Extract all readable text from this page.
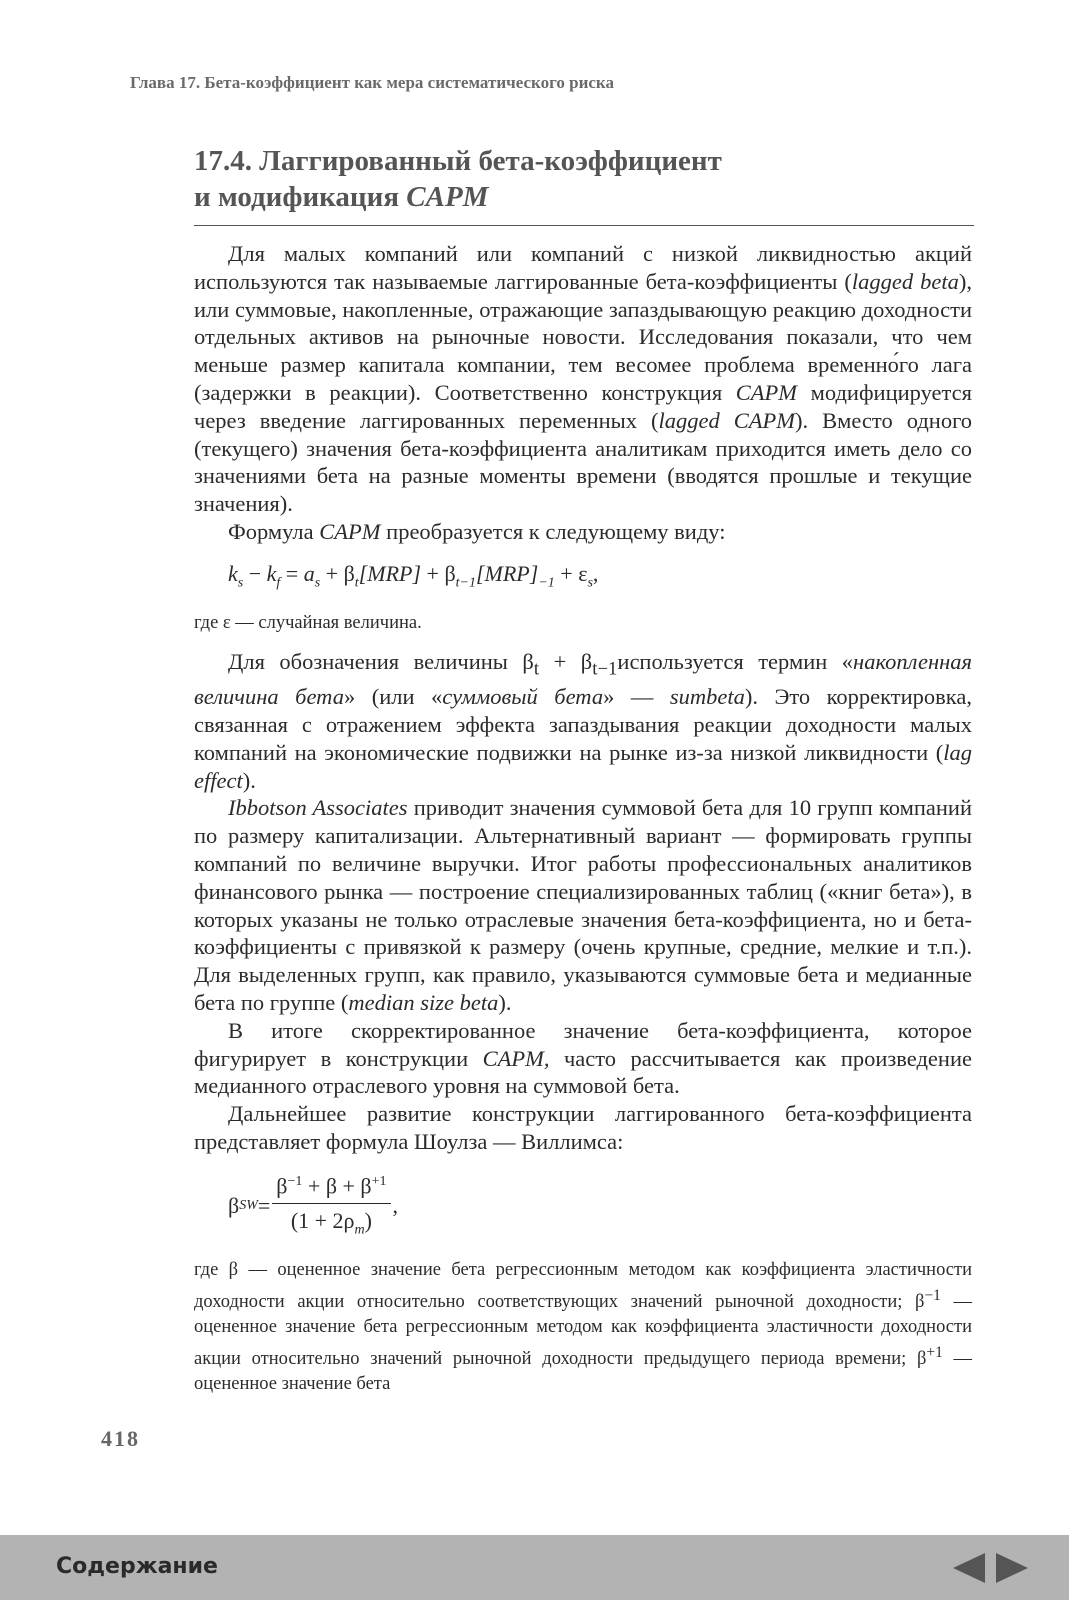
Глава 17. Бета-коэффициент как мера систематического риска
17.4. Лаггированный бета-коэффициент
и модификация CAPM

Для малых компаний или компаний с низкой ликвидностью акций используются так называемые лаггированные бета-коэффициенты (lagged beta), или суммовые, накопленные, отражающие запаздывающую реакцию доходности отдельных активов на рыночные новости. Исследования показали, что чем меньше размер капитала компании, тем весомее проблема временно́го лага (задержки в реакции). Соответственно конструкция CAPM модифицируется через введение лаггированных переменных (lagged CAPM). Вместо одного (текущего) значения бета-коэффициента аналитикам приходится иметь дело со значениями бета на разные моменты времени (вводятся прошлые и текущие значения).

Формула CAPM преобразуется к следующему виду:

$k_s - k_f = a_s + \beta_t[MRP] + \beta_{t-1}[MRP]_{-1} + \varepsilon_s$,

где ε — случайная величина.

Для обозначения величины $\beta_t$ + $\beta_{t-1}используется$ термин «накопленная величина бета» (или «суммовый бета» — sumbeta). Это корректировка, связанная с отражением эффекта запаздывания реакции доходности малых компаний на экономические подвижки на рынке из-за низкой ликвидности (lag effect).

Ibbotson Associates приводит значения суммовой бета для 10 групп компаний по размеру капитализации. Альтернативный вариант — формировать группы компаний по величине выручки. Итог работы профессиональных аналитиков финансового рынка — построение специализированных таблиц («книг бета»), в которых указаны не только отраслевые значения бета-коэффициента, но и бета-коэффициенты с привязкой к размеру (очень крупные, средние, мелкие и т.п.). Для выделенных групп, как правило, указываются суммовые бета и медианные бета по группе (median size beta).

В итоге скорректированное значение бета-коэффициента, которое фигурирует в конструкции CAPM, часто рассчитывается как произведение медианного отраслевого уровня на суммовой бета.

Дальнейшее развитие конструкции лаггированного бета-коэффициента представляет формула Шоулза — Виллимса:

β SW = $\frac{\beta^{-1} + \beta + \beta^{+1}}{(1 + 2\rho_m)}$ ,

где β — оцененное значение бета регрессионным методом как коэффициента эластичности доходности акции относительно соответствующих значений рыночной доходности; $\beta^{-1}$ — оцененное значение бета регрессионным методом как коэффициента эластичности доходности акции относительно значений рыночной доходности предыдущего периода времени; $\beta^{+1}$ — оцененное значение бета

418
Содержание
